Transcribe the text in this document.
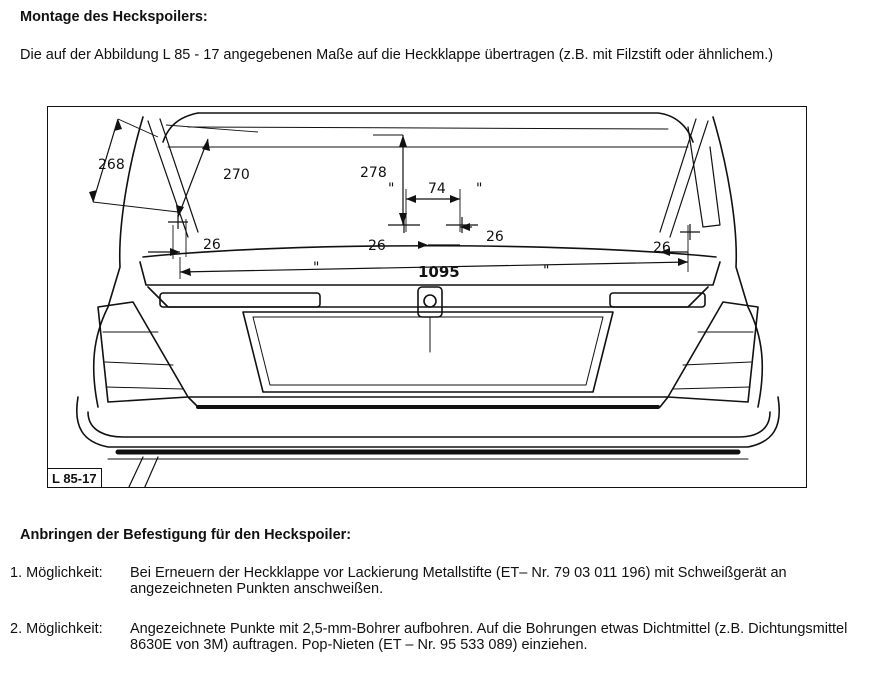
Montage des Heckspoilers:
Die auf der Abbildung L 85 - 17 angegebenen Maße auf die Heckklappe übertragen (z.B. mit Filzstift oder ähnlichem.)
268
270	278
74
26	26
26
26
1095
"	"
"	"
L 85-17
Anbringen der Befestigung für den Heckspoiler:
1. Möglichkeit: Bei Erneuern der Heckklappe vor Lackierung Metallstifte (ET– Nr. 79 03 011 196) mit Schweißgerät an angezeichneten Punkten anschweißen.
2. Möglichkeit: Angezeichnete Punkte mit 2,5-mm-Bohrer aufbohren. Auf die Bohrungen etwas Dichtmittel (z.B. Dichtungsmittel 8630E von 3M) auftragen. Pop-Nieten (ET – Nr. 95 533 089) einziehen.
